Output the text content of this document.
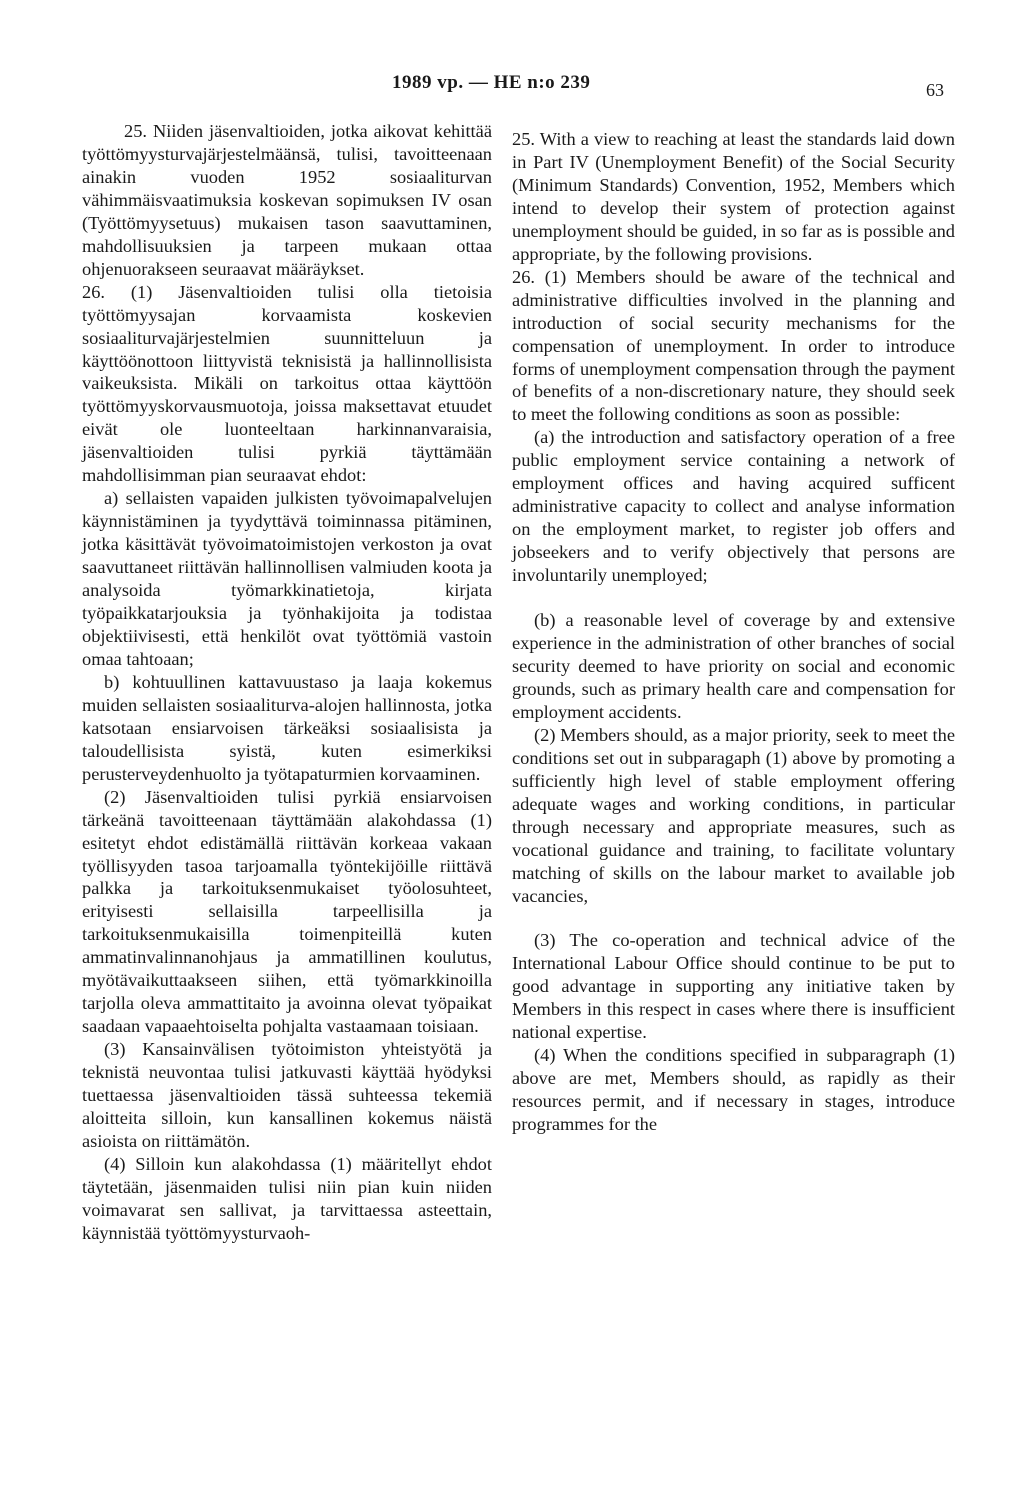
1989 vp. — HE n:o 239	63

25. Niiden jäsenvaltioiden, jotka aikovat kehittää työttömyysturvajärjestelmäänsä, tulisi, tavoitteenaan ainakin vuoden 1952 sosiaaliturvan vähimmäisvaatimuksia koskevan sopimuksen IV osan (Työttömyysetuus) mukaisen tason saavuttaminen, mahdollisuuksien ja tarpeen mukaan ottaa ohjenuorakseen seuraavat määräykset.

26. (1) Jäsenvaltioiden tulisi olla tietoisia työttömyysajan korvaamista koskevien sosiaaliturvajärjestelmien suunnitteluun ja käyttöönottoon liittyvistä teknisistä ja hallinnollisista vaikeuksista. Mikäli on tarkoitus ottaa käyttöön työttömyyskorvausmuotoja, joissa maksettavat etuudet eivät ole luonteeltaan harkinnanvaraisia, jäsenvaltioiden tulisi pyrkiä täyttämään mahdollisimman pian seuraavat ehdot:

a) sellaisten vapaiden julkisten työvoimapalvelujen käynnistäminen ja tyydyttävä toiminnassa pitäminen, jotka käsittävät työvoimatoimistojen verkoston ja ovat saavuttaneet riittävän hallinnollisen valmiuden koota ja analysoida työmarkkinatietoja, kirjata työpaikkatarjouksia ja työnhakijoita ja todistaa objektiivisesti, että henkilöt ovat työttömiä vastoin omaa tahtoaan;

b) kohtuullinen kattavuustaso ja laaja kokemus muiden sellaisten sosiaaliturva-alojen hallinnosta, jotka katsotaan ensiarvoisen tärkeäksi sosiaalisista ja taloudellisista syistä, kuten esimerkiksi perusterveydenhuolto ja työtapaturmien korvaaminen.

(2) Jäsenvaltioiden tulisi pyrkiä ensiarvoisen tärkeänä tavoitteenaan täyttämään alakohdassa (1) esitetyt ehdot edistämällä riittävän korkeaa vakaan työllisyyden tasoa tarjoamalla työntekijöille riittävä palkka ja tarkoituksenmukaiset työolosuhteet, erityisesti sellaisilla tarpeellisilla ja tarkoituksenmukaisilla toimenpiteillä kuten ammatinvalinnanohjaus ja ammatillinen koulutus, myötävaikuttaakseen siihen, että työmarkkinoilla tarjolla oleva ammattitaito ja avoinna olevat työpaikat saadaan vapaaehtoiselta pohjalta vastaamaan toisiaan.

(3) Kansainvälisen työtoimiston yhteistyötä ja teknistä neuvontaa tulisi jatkuvasti käyttää hyödyksi tuettaessa jäsenvaltioiden tässä suhteessa tekemiä aloitteita silloin, kun kansallinen kokemus näistä asioista on riittämätön.

(4) Silloin kun alakohdassa (1) määritellyt ehdot täytetään, jäsenmaiden tulisi niin pian kuin niiden voimavarat sen sallivat, ja tarvittaessa asteettain, käynnistää työttömyysturvaoh-

25. With a view to reaching at least the standards laid down in Part IV (Unemployment Benefit) of the Social Security (Minimum Standards) Convention, 1952, Members which intend to develop their system of protection against unemployment should be guided, in so far as is possible and appropriate, by the following provisions.

26. (1) Members should be aware of the technical and administrative difficulties involved in the planning and introduction of social security mechanisms for the compensation of unemployment. In order to introduce forms of unemployment compensation through the payment of benefits of a non-discretionary nature, they should seek to meet the following conditions as soon as possible:

(a) the introduction and satisfactory operation of a free public employment service containing a network of employment offices and having acquired sufficent administrative capacity to collect and analyse information on the employment market, to register job offers and jobseekers and to verify objectively that persons are involuntarily unemployed;

(b) a reasonable level of coverage by and extensive experience in the administration of other branches of social security deemed to have priority on social and economic grounds, such as primary health care and compensation for employment accidents.

(2) Members should, as a major priority, seek to meet the conditions set out in subparagaph (1) above by promoting a sufficiently high level of stable employment offering adequate wages and working conditions, in particular through necessary and appropriate measures, such as vocational guidance and training, to facilitate voluntary matching of skills on the labour market to available job vacancies,

(3) The co-operation and technical advice of the International Labour Office should continue to be put to good advantage in supporting any initiative taken by Members in this respect in cases where there is insufficient national expertise.

(4) When the conditions specified in subparagraph (1) above are met, Members should, as rapidly as their resources permit, and if necessary in stages, introduce programmes for the
